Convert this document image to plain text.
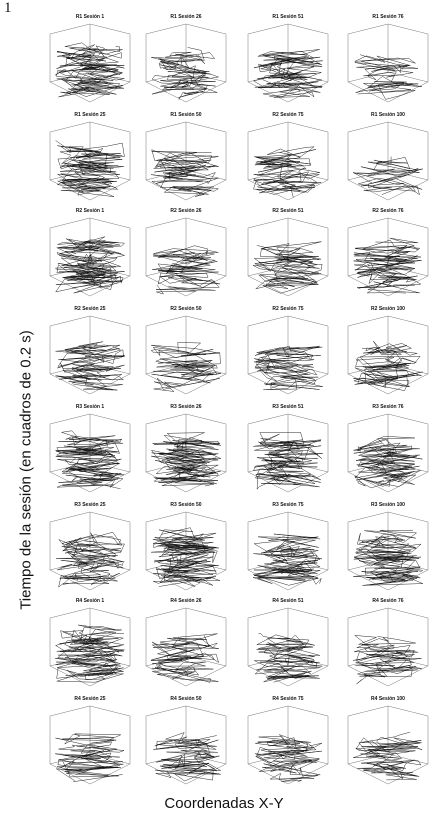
1
Tiempo de la sesión (en cuadros de 0.2 s)
Coordenadas X-Y
R1 Sesión 1	R1 Sesión 26	R1 Sesión 51	R1 Sesión 76
R1 Sesión 25	R1 Sesión 50	R2 Sesión 75	R1 Sesión 100
R2 Sesión 1	R2 Sesión 26	R2 Sesión 51	R2 Sesión 76
R2 Sesión 25	R2 Sesión 50	R2 Sesión 75	R2 Sesión 100
R3 Sesión 1	R3 Sesión 26	R3 Sesión 51	R3 Sesión 76
R3 Sesión 25	R3 Sesión 50	R3 Sesión 75	R3 Sesión 100
R4 Sesión 1	R4 Sesión 26	R4 Sesión 51	R4 Sesión 76
R4 Sesión 25	R4 Sesión 50	R4 Sesión 75	R4 Sesión 100
